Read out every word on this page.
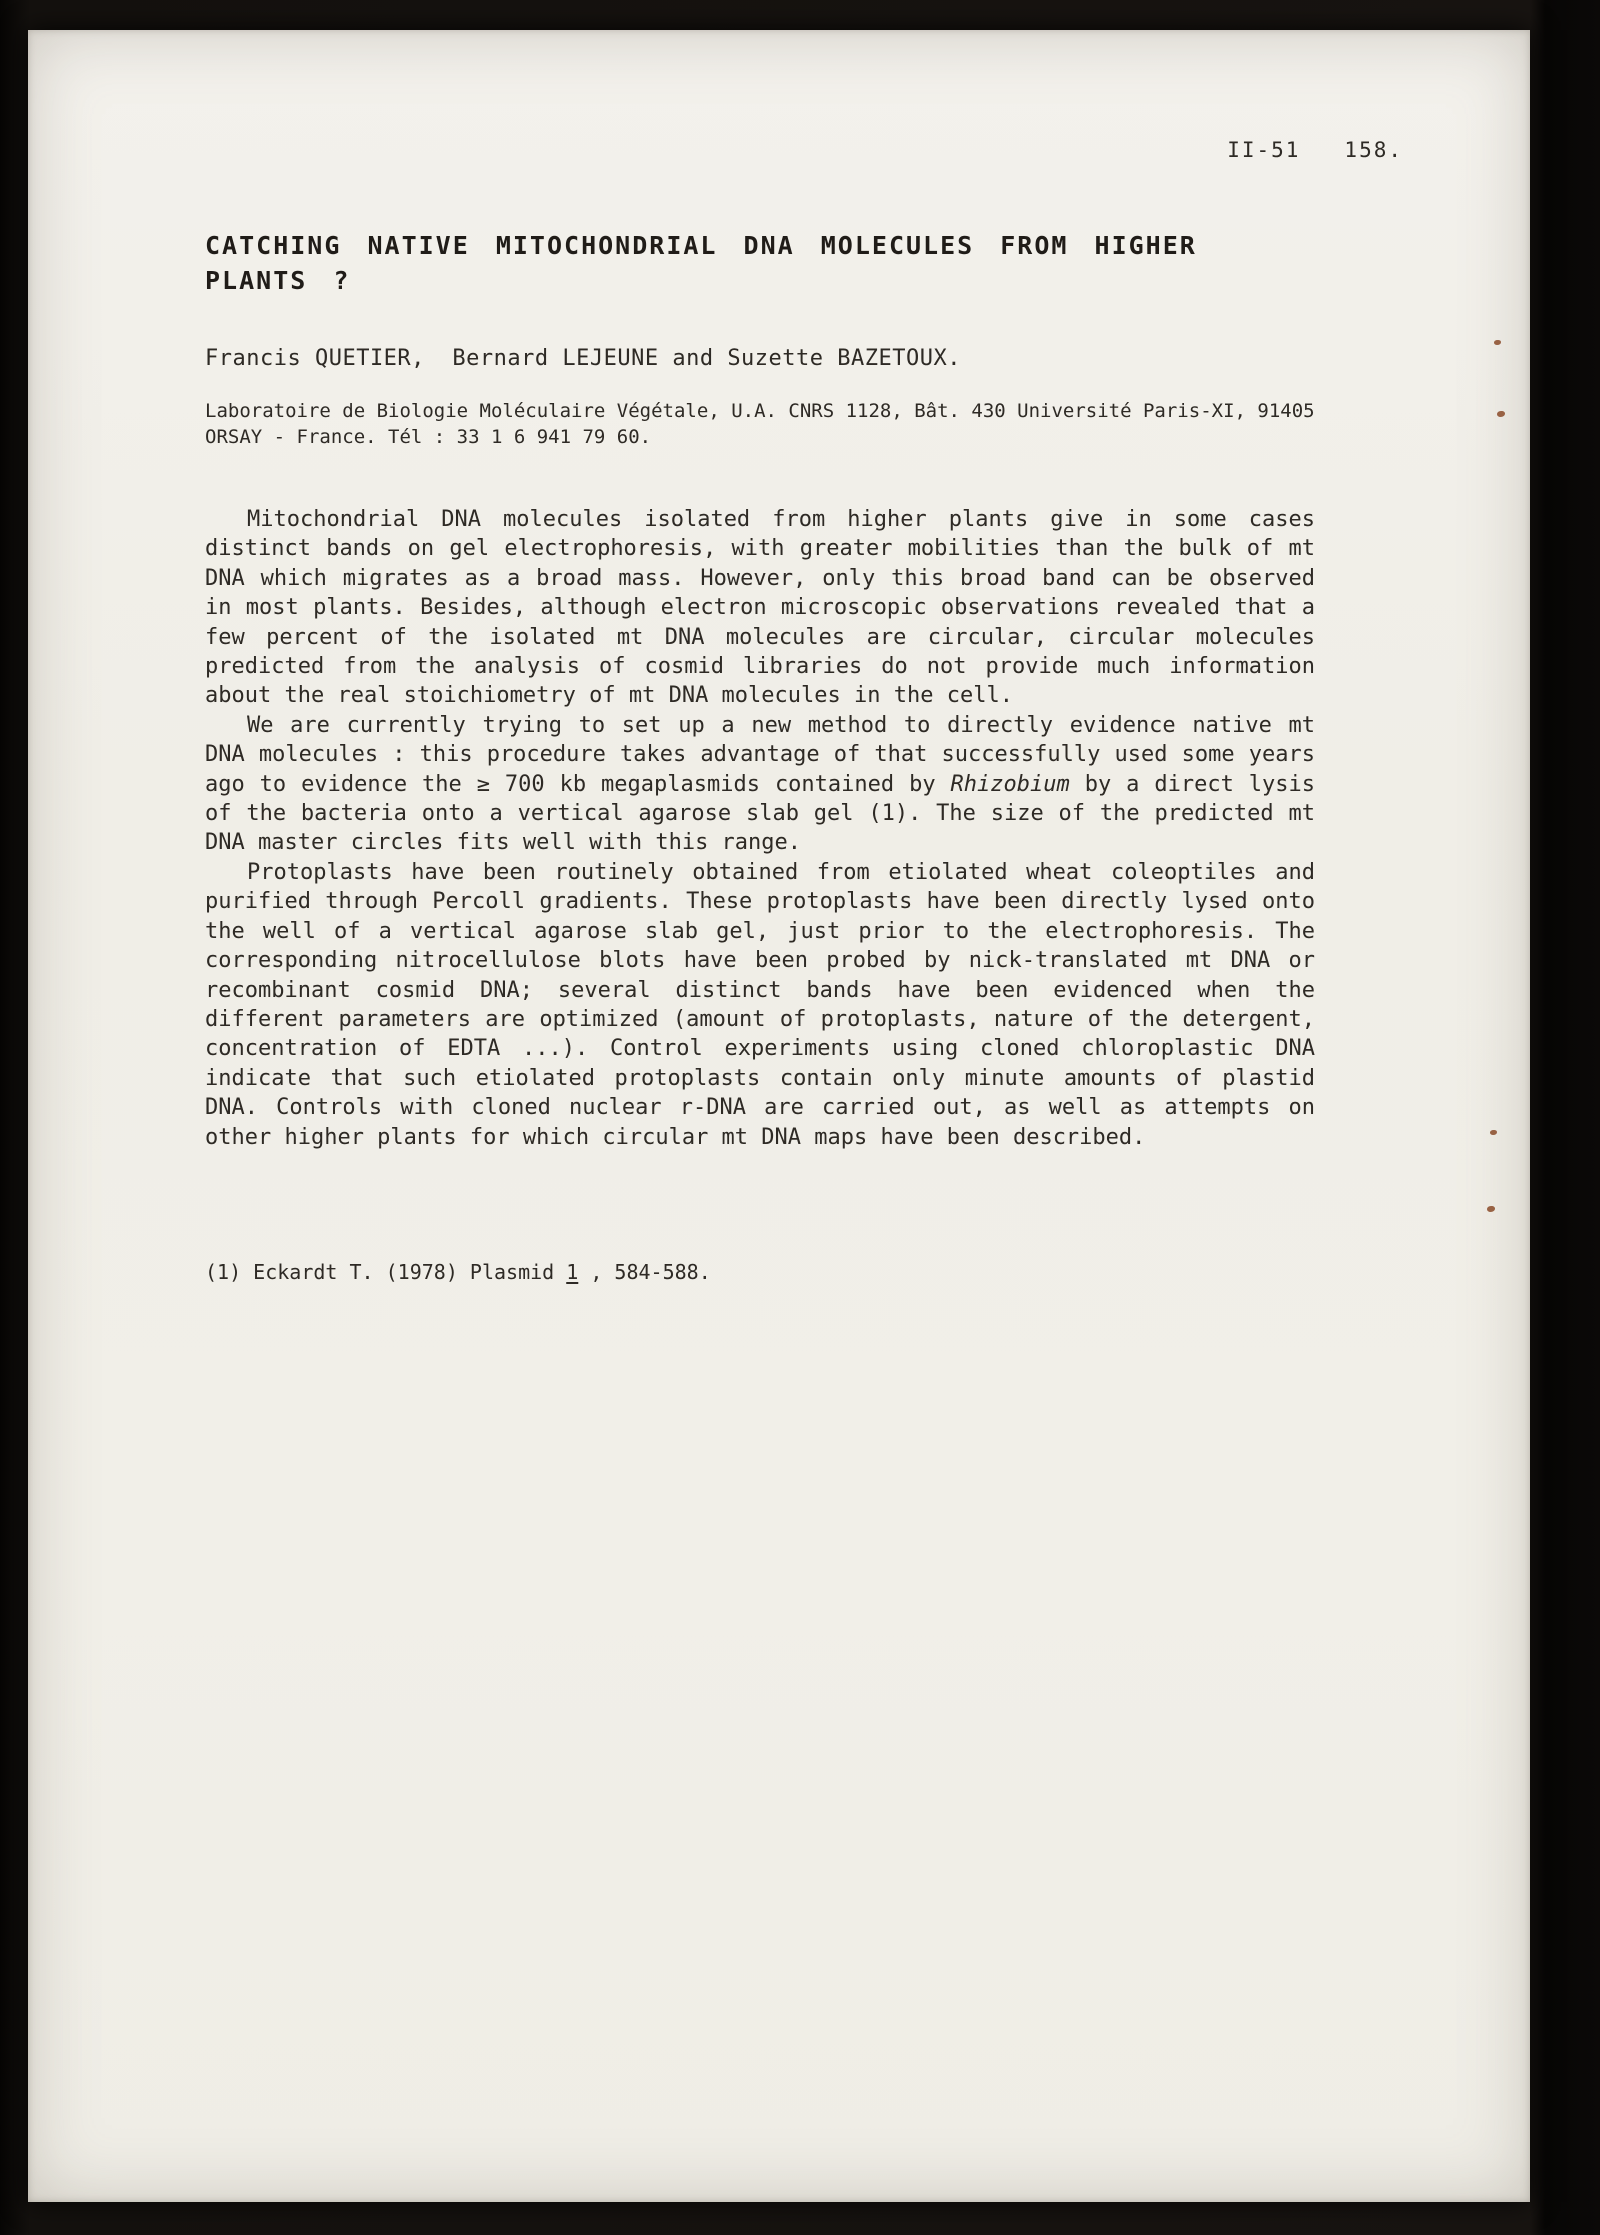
II-51 158.
CATCHING NATIVE MITOCHONDRIAL DNA MOLECULES FROM HIGHER PLANTS ?
Francis QUETIER,  Bernard LEJEUNE and Suzette BAZETOUX.
Laboratoire de Biologie Moléculaire Végétale, U.A. CNRS 1128, Bât. 430 Université Paris-XI, 91405 ORSAY - France. Tél : 33 1 6 941 79 60.

Mitochondrial DNA molecules isolated from higher plants give in some cases distinct bands on gel electrophoresis, with greater mobilities than the bulk of mt DNA which migrates as a broad mass. However, only this broad band can be observed in most plants. Besides, although electron microscopic observations revealed that a few percent of the isolated mt DNA molecules are circular, circular molecules predicted from the analysis of cosmid libraries do not provide much information about the real stoichiometry of mt DNA molecules in the cell.

We are currently trying to set up a new method to directly evidence native mt DNA molecules : this procedure takes advantage of that successfully used some years ago to evidence the ≥ 700 kb megaplasmids contained by Rhizobium by a direct lysis of the bacteria onto a vertical agarose slab gel (1). The size of the predicted mt DNA master circles fits well with this range.

Protoplasts have been routinely obtained from etiolated wheat coleoptiles and purified through Percoll gradients. These protoplasts have been directly lysed onto the well of a vertical agarose slab gel, just prior to the electrophoresis. The corresponding nitrocellulose blots have been probed by nick-translated mt DNA or recombinant cosmid DNA; several distinct bands have been evidenced when the different parameters are optimized (amount of protoplasts, nature of the detergent, concentration of EDTA ...). Control experiments using cloned chloroplastic DNA indicate that such etiolated protoplasts contain only minute amounts of plastid DNA. Controls with cloned nuclear r-DNA are carried out, as well as attempts on other higher plants for which circular mt DNA maps have been described.

(1) Eckardt T. (1978) Plasmid 1 , 584-588.
